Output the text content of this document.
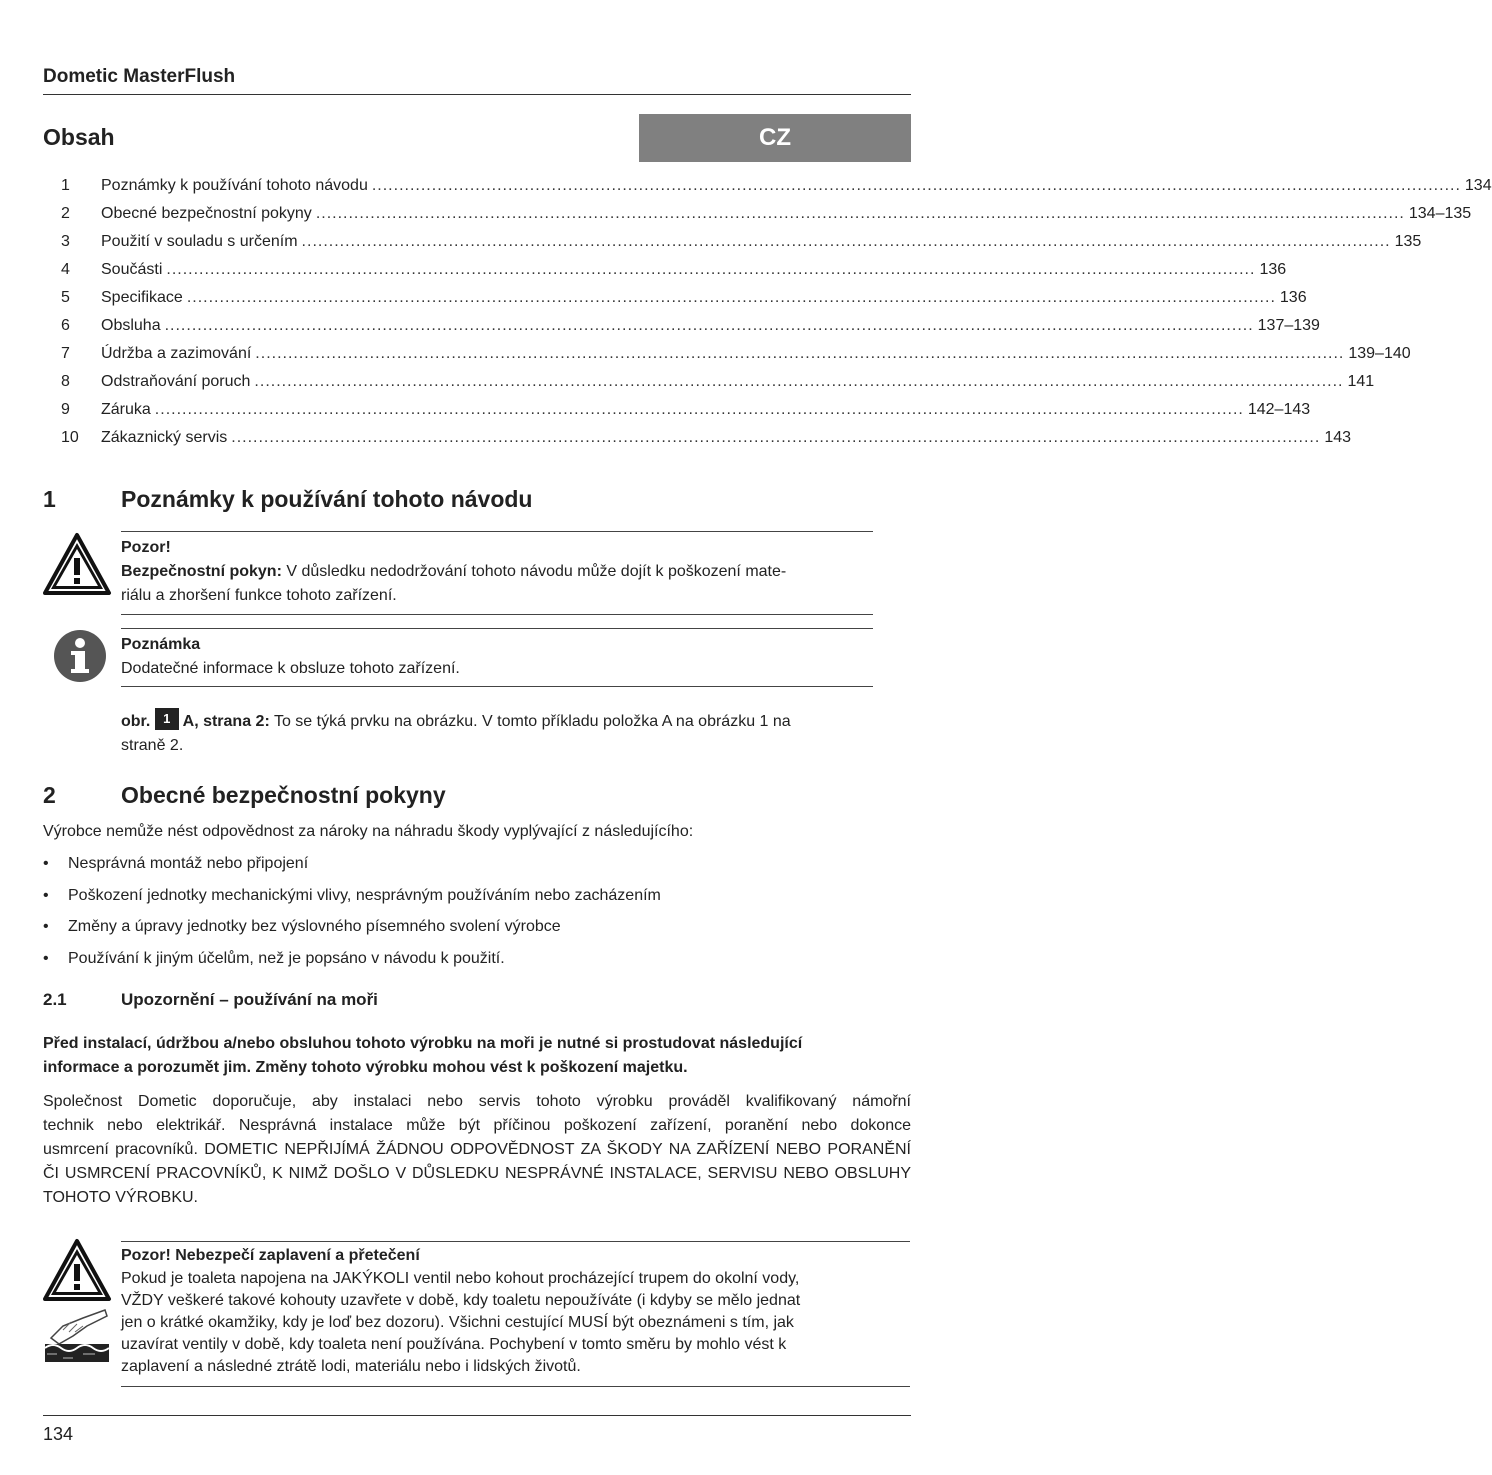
Dometic MasterFlush
Obsah	CZ
1	Poznámky k používání tohoto návodu ........................................................................................................................................................................................................ 134
2	Obecné bezpečnostní pokyny ........................................................................................................................................................................................................ 134–135
3	Použití v souladu s určením ........................................................................................................................................................................................................ 135
4	Součásti ........................................................................................................................................................................................................ 136
5	Specifikace ........................................................................................................................................................................................................ 136
6	Obsluha ........................................................................................................................................................................................................ 137–139
7	Údržba a zazimování ........................................................................................................................................................................................................ 139–140
8	Odstraňování poruch ........................................................................................................................................................................................................ 141
9	Záruka ........................................................................................................................................................................................................ 142–143
10	Zákaznický servis ........................................................................................................................................................................................................ 143
1	Poznámky k používání tohoto návodu
Pozor!
Bezpečnostní pokyn: V důsledku nedodržování tohoto návodu může dojít k poškození mate-
riálu a zhoršení funkce tohoto zařízení.
Poznámka
Dodatečné informace k obsluze tohoto zařízení.
obr. 1 A, strana 2: To se týká prvku na obrázku. V tomto příkladu položka A na obrázku 1 na
straně 2.
2	Obecné bezpečnostní pokyny
Výrobce nemůže nést odpovědnost za nároky na náhradu škody vyplývající z následujícího:
• Nesprávná montáž nebo připojení
• Poškození jednotky mechanickými vlivy, nesprávným používáním nebo zacházením
• Změny a úpravy jednotky bez výslovného písemného svolení výrobce
• Používání k jiným účelům, než je popsáno v návodu k použití.
2.1	Upozornění – používání na moři
Před instalací, údržbou a/nebo obsluhou tohoto výrobku na moři je nutné si prostudovat následující
informace a porozumět jim. Změny tohoto výrobku mohou vést k poškození majetku.
Společnost Dometic doporučuje, aby instalaci nebo servis tohoto výrobku prováděl kvalifikovaný námořní
technik nebo elektrikář. Nesprávná instalace může být příčinou poškození zařízení, poranění nebo dokonce
usmrcení pracovníků. DOMETIC NEPŘIJÍMÁ ŽÁDNOU ODPOVĚDNOST ZA ŠKODY NA ZAŘÍZENÍ NEBO PORANĚNÍ
ČI USMRCENÍ PRACOVNÍKŮ, K NIMŽ DOŠLO V DŮSLEDKU NESPRÁVNÉ INSTALACE, SERVISU NEBO OBSLUHY
TOHOTO VÝROBKU.
Pozor! Nebezpečí zaplavení a přetečení
Pokud je toaleta napojena na JAKÝKOLI ventil nebo kohout procházející trupem do okolní vody,
VŽDY veškeré takové kohouty uzavřete v době, kdy toaletu nepoužíváte (i kdyby se mělo jednat
jen o krátké okamžiky, kdy je loď bez dozoru). Všichni cestující MUSÍ být obeznámeni s tím, jak
uzavírat ventily v době, kdy toaleta není používána. Pochybení v tomto směru by mohlo vést k
zaplavení a následné ztrátě lodi, materiálu nebo i lidských životů.
134
